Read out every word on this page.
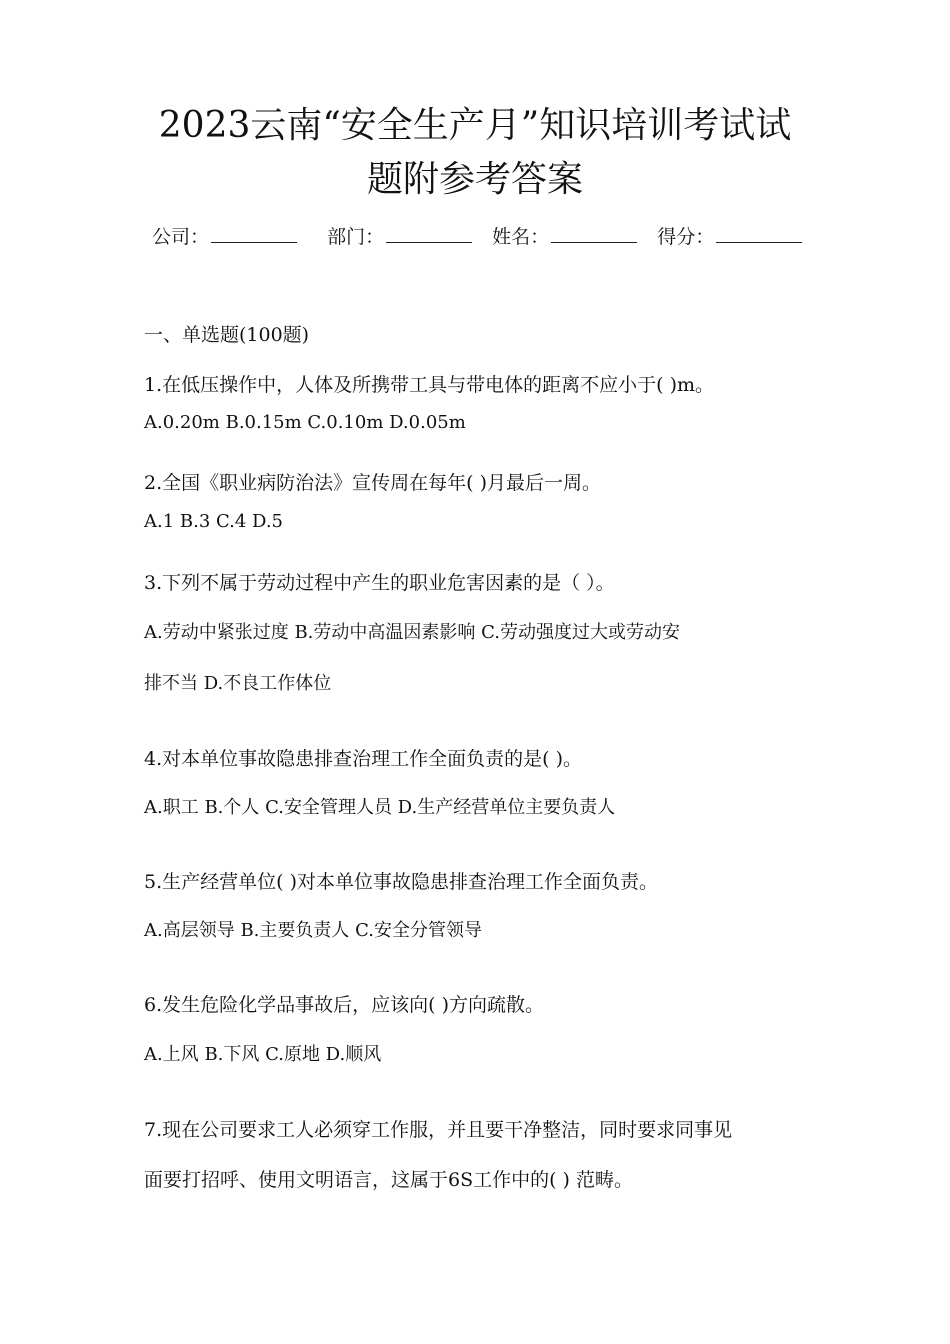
2023云南“安全生产月”知识培训考试试
题附参考答案
公司：	部门：	姓名：	得分：
一、单选题(100题)
1.在低压操作中，人体及所携带工具与带电体的距离不应小于( )m。
A.0.20m B.0.15m C.0.10m D.0.05m
2.全国《职业病防治法》宣传周在每年( )月最后一周。
A.1 B.3 C.4 D.5
3.下列不属于劳动过程中产生的职业危害因素的是（ ）。
A.劳动中紧张过度 B.劳动中高温因素影响 C.劳动强度过大或劳动安
排不当 D.不良工作体位
4.对本单位事故隐患排查治理工作全面负责的是( )。
A.职工 B.个人 C.安全管理人员 D.生产经营单位主要负责人
5.生产经营单位( )对本单位事故隐患排查治理工作全面负责。
A.高层领导 B.主要负责人 C.安全分管领导
6.发生危险化学品事故后，应该向( )方向疏散。
A.上风 B.下风 C.原地 D.顺风
7.现在公司要求工人必须穿工作服，并且要干净整洁，同时要求同事见
面要打招呼、使用文明语言，这属于6S工作中的( ) 范畴。
